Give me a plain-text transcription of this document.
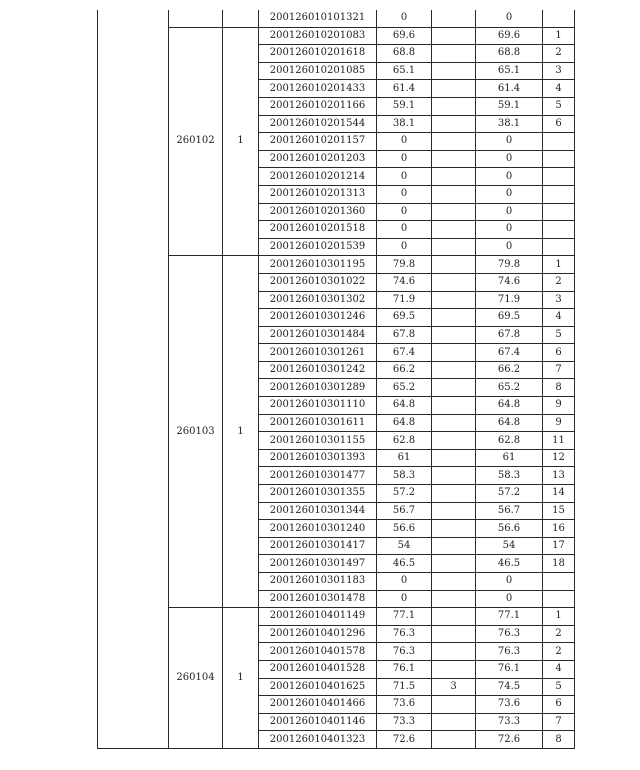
			200126010101321	0		0	
	260102	1	200126010201083	69.6		69.6	1
			200126010201618	68.8		68.8	2
			200126010201085	65.1		65.1	3
			200126010201433	61.4		61.4	4
			200126010201166	59.1		59.1	5
			200126010201544	38.1		38.1	6
			200126010201157	0		0	
			200126010201203	0		0	
			200126010201214	0		0	
			200126010201313	0		0	
			200126010201360	0		0	
			200126010201518	0		0	
			200126010201539	0		0	
	260103	1	200126010301195	79.8		79.8	1
			200126010301022	74.6		74.6	2
			200126010301302	71.9		71.9	3
			200126010301246	69.5		69.5	4
			200126010301484	67.8		67.8	5
			200126010301261	67.4		67.4	6
			200126010301242	66.2		66.2	7
			200126010301289	65.2		65.2	8
			200126010301110	64.8		64.8	9
			200126010301611	64.8		64.8	9
			200126010301155	62.8		62.8	11
			200126010301393	61		61	12
			200126010301477	58.3		58.3	13
			200126010301355	57.2		57.2	14
			200126010301344	56.7		56.7	15
			200126010301240	56.6		56.6	16
			200126010301417	54		54	17
			200126010301497	46.5		46.5	18
			200126010301183	0		0	
			200126010301478	0		0	
	260104	1	200126010401149	77.1		77.1	1
			200126010401296	76.3		76.3	2
			200126010401578	76.3		76.3	2
			200126010401528	76.1		76.1	4
			200126010401625	71.5	3	74.5	5
			200126010401466	73.6		73.6	6
			200126010401146	73.3		73.3	7
			200126010401323	72.6		72.6	8
